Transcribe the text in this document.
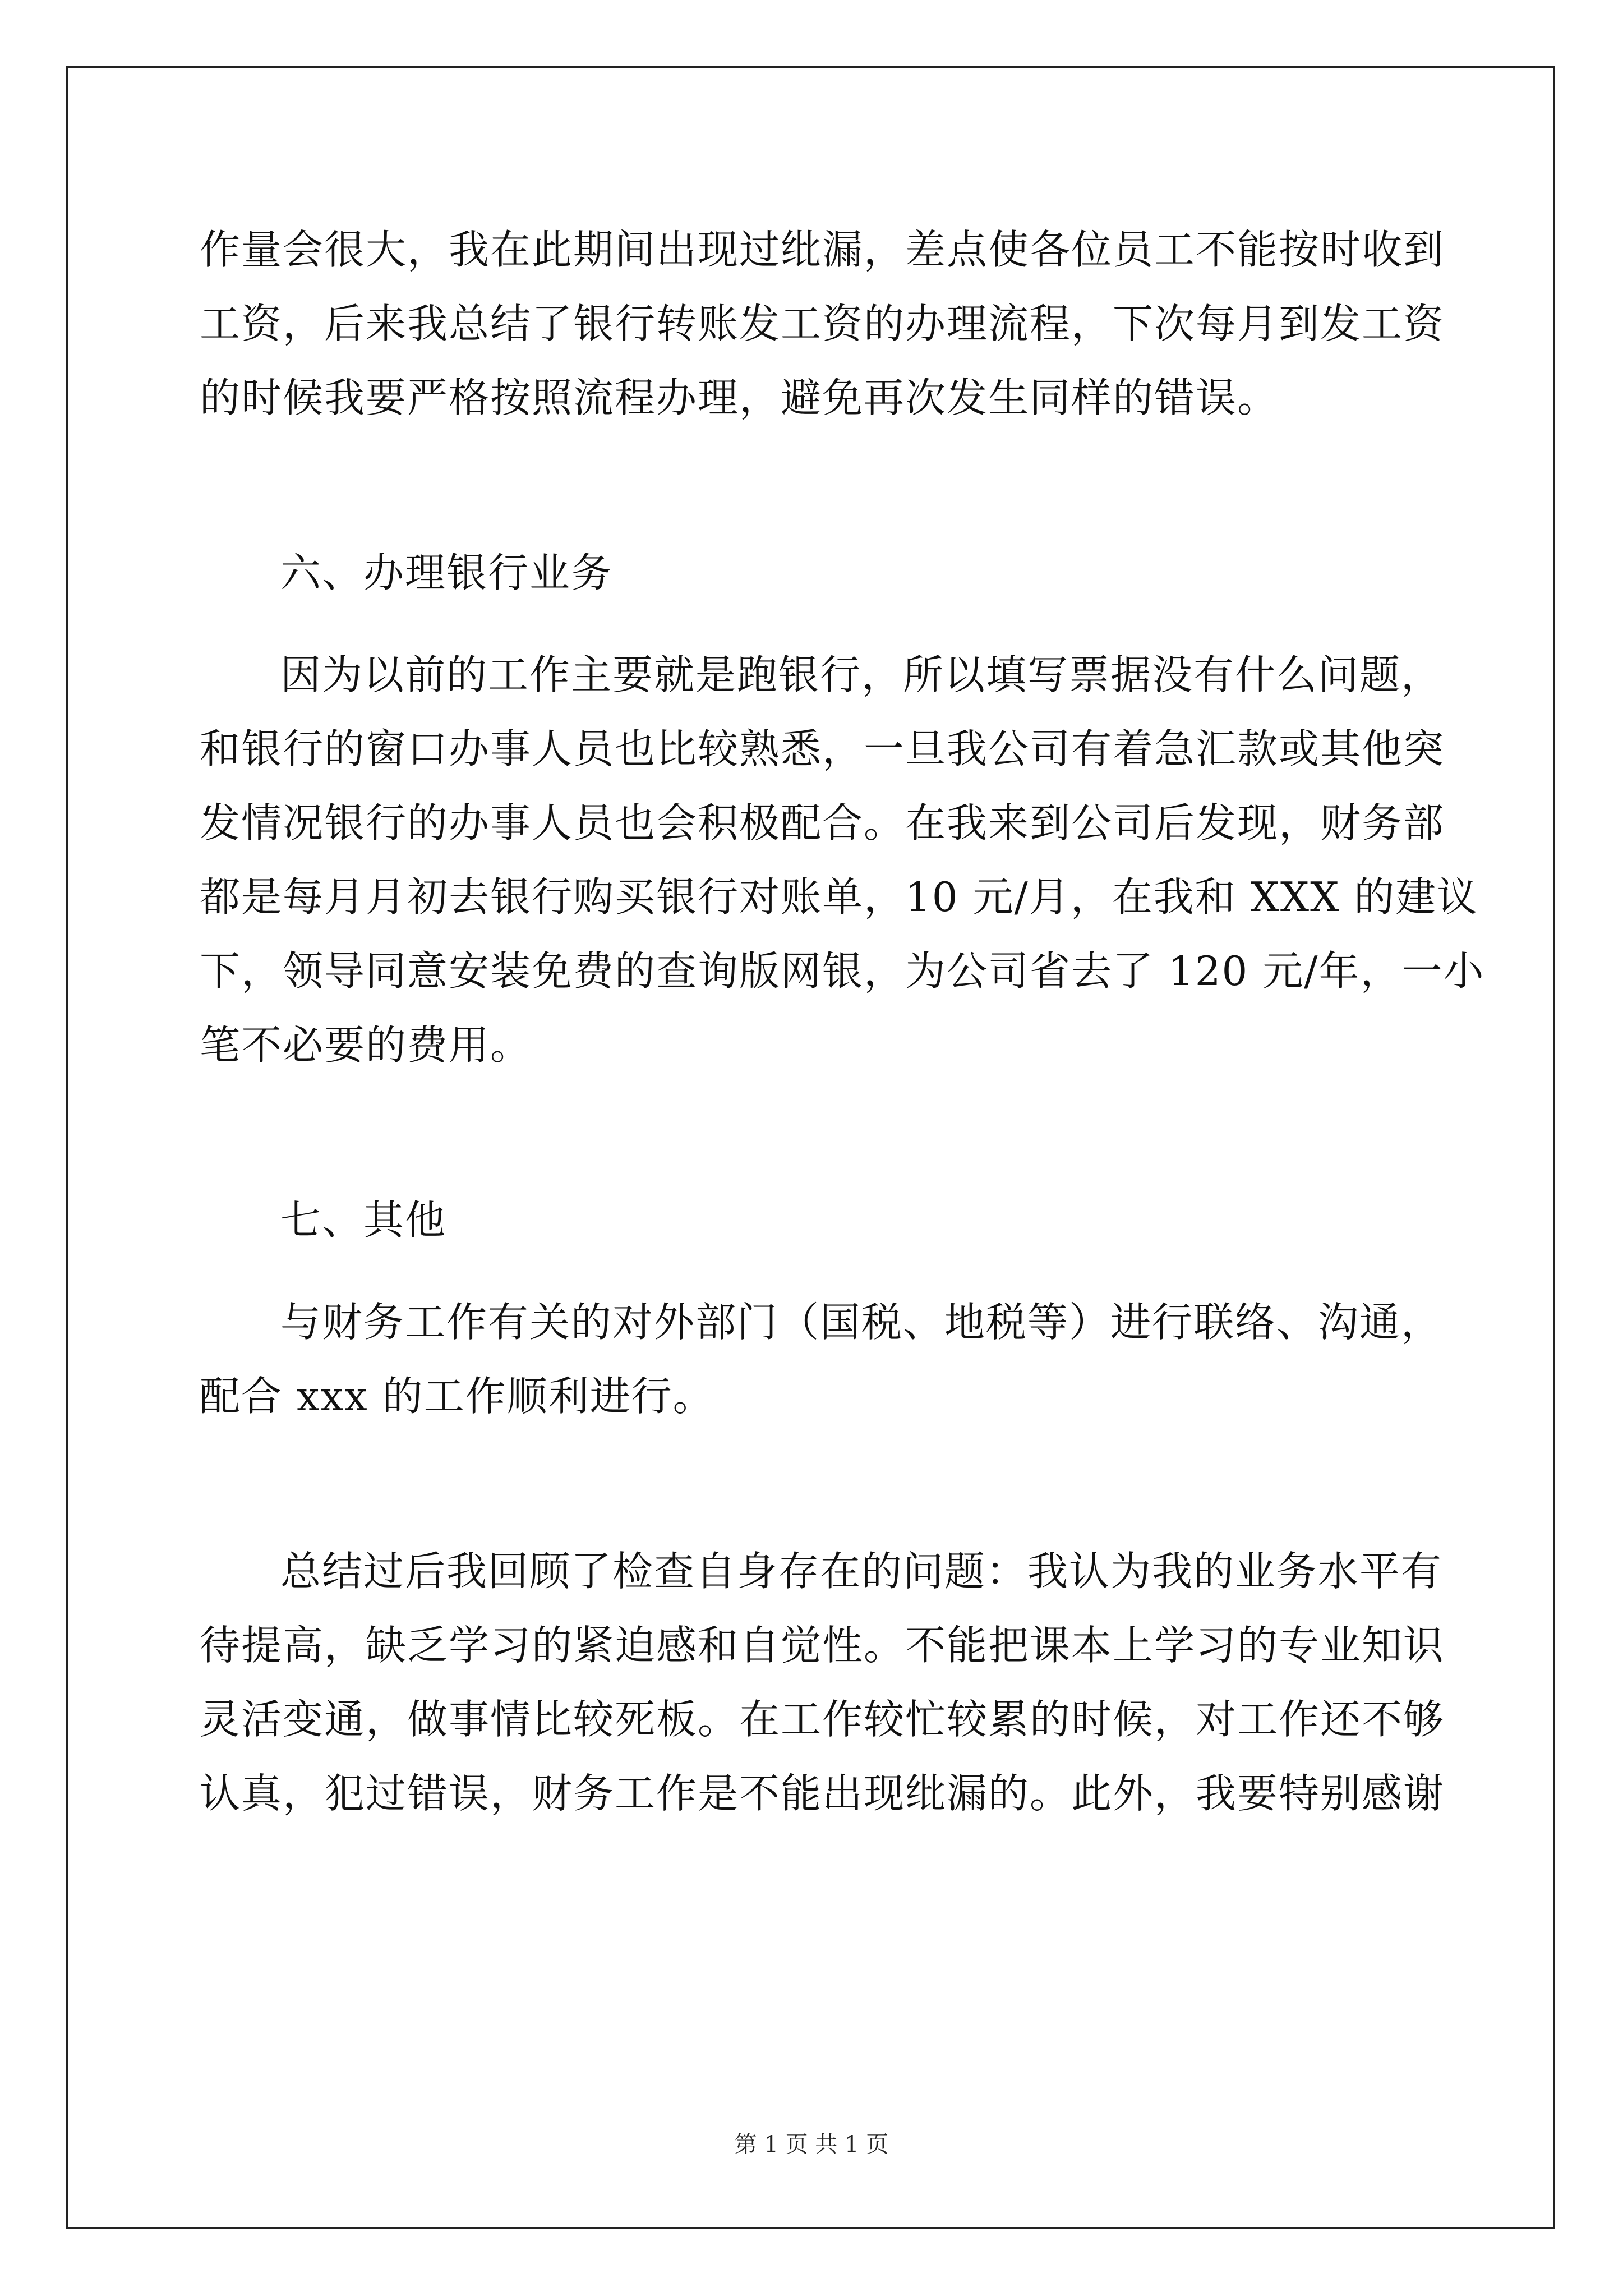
作量会很大，我在此期间出现过纰漏，差点使各位员工不能按时收到

工资，后来我总结了银行转账发工资的办理流程，下次每月到发工资

的时候我要严格按照流程办理，避免再次发生同样的错误。

六、办理银行业务

因为以前的工作主要就是跑银行，所以填写票据没有什么问题，

和银行的窗口办事人员也比较熟悉，一旦我公司有着急汇款或其他突

发情况银行的办事人员也会积极配合。在我来到公司后发现，财务部

都是每月月初去银行购买银行对账单，10 元/月，在我和 XXX 的建议

下，领导同意安装免费的查询版网银，为公司省去了 120 元/年，一小

笔不必要的费用。

七、其他

与财务工作有关的对外部门（国税、地税等）进行联络、沟通，

配合 xxx 的工作顺利进行。

总结过后我回顾了检查自身存在的问题：我认为我的业务水平有

待提高，缺乏学习的紧迫感和自觉性。不能把课本上学习的专业知识

灵活变通，做事情比较死板。在工作较忙较累的时候，对工作还不够

认真，犯过错误，财务工作是不能出现纰漏的。此外，我要特别感谢

第 1 页 共 1 页
